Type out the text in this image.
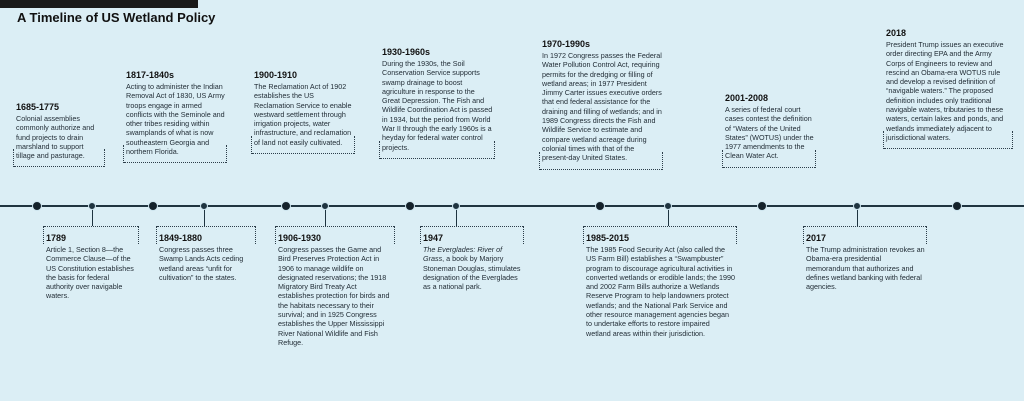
A Timeline of US Wetland Policy
1685-1775
Colonial assemblies commonly authorize and fund projects to drain marshland to support tillage and pasturage.
1817-1840s
Acting to administer the Indian Removal Act of 1830, US Army troops engage in armed conflicts with the Seminole and other tribes residing within swamplands of what is now southeastern Georgia and northern Florida.
1900-1910
The Reclamation Act of 1902 establishes the US Reclamation Service to enable westward settlement through irrigation projects, water infrastructure, and reclamation of land not easily cultivated.
1930-1960s
During the 1930s, the Soil Conservation Service supports swamp drainage to boost agriculture in response to the Great Depression. The Fish and Wildlife Coordination Act is passed in 1934, but the period from World War II through the early 1960s is a heyday for federal water control projects.
1970-1990s
In 1972 Congress passes the Federal Water Pollution Control Act, requiring permits for the dredging or filling of wetland areas; in 1977 President Jimmy Carter issues executive orders that end federal assistance for the draining and filling of wetlands; and in 1989 Congress directs the Fish and Wildlife Service to estimate and compare wetland acreage during colonial times with that of the present-day United States.
2001-2008
A series of federal court cases contest the definition of “Waters of the United States” (WOTUS) under the 1977 amendments to the Clean Water Act.
2018
President Trump issues an executive order directing EPA and the Army Corps of Engineers to review and rescind an Obama-era WOTUS rule and develop a revised definition of “navigable waters.” The proposed definition includes only traditional navigable waters, tributaries to these waters, certain lakes and ponds, and wetlands immediately adjacent to jurisdictional waters.
1789
Article 1, Section 8—the Commerce Clause—of the US Constitution establishes the basis for federal authority over navigable waters.
1849-1880
Congress passes three Swamp Lands Acts ceding wetland areas “unfit for cultivation” to the states.
1906-1930
Congress passes the Game and Bird Preserves Protection Act in 1906 to manage wildlife on designated reservations; the 1918 Migratory Bird Treaty Act establishes protection for birds and the habitats necessary to their survival; and in 1925 Congress establishes the Upper Mississippi River National Wildlife and Fish Refuge.
1947
The Everglades: River of Grass, a book by Marjory Stoneman Douglas, stimulates designation of the Everglades as a national park.
1985-2015
The 1985 Food Security Act (also called the US Farm Bill) establishes a “Swampbuster” program to discourage agricultural activities in converted wetlands or erodible lands; the 1990 and 2002 Farm Bills authorize a Wetlands Reserve Program to help landowners protect wetlands; and the National Park Service and other resource management agencies began to undertake efforts to restore impaired wetland areas within their jurisdiction.
2017
The Trump administration revokes an Obama-era presidential memorandum that authorizes and defines wetland banking with federal agencies.
